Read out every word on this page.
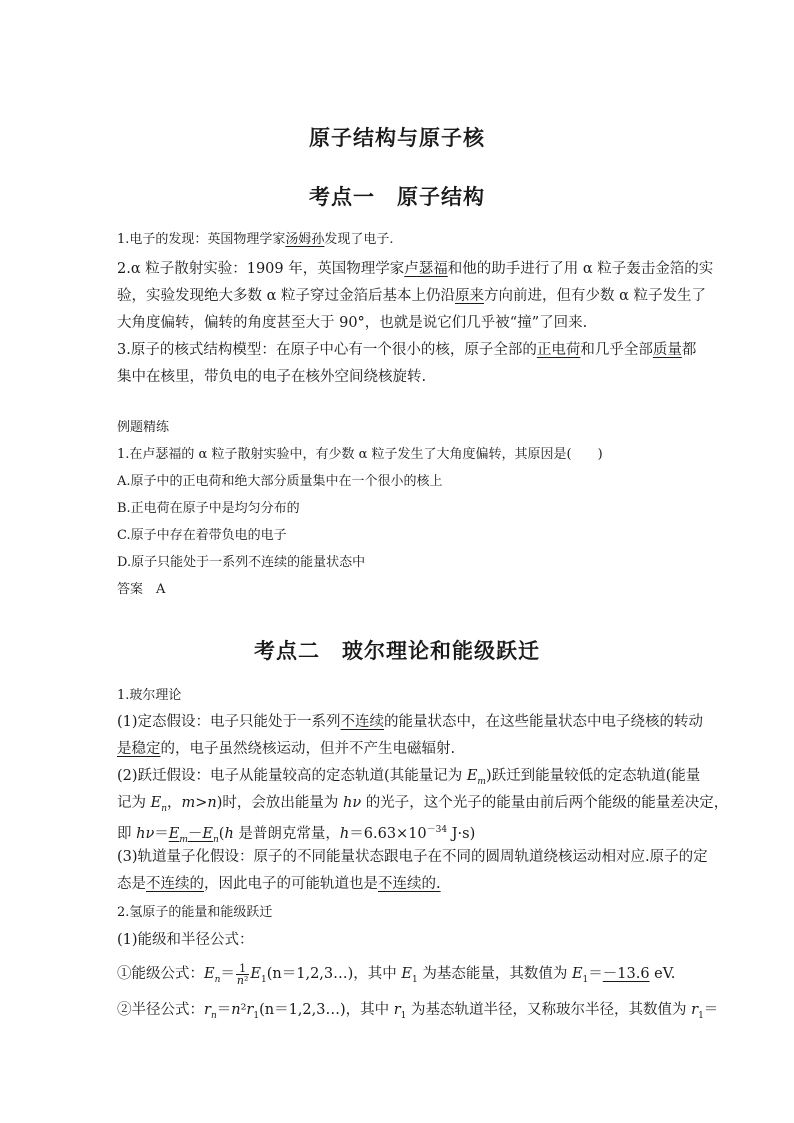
原子结构与原子核
考点一　原子结构
1.电子的发现：英国物理学家汤姆孙发现了电子.
2.α 粒子散射实验：1909 年，英国物理学家卢瑟福和他的助手进行了用 α 粒子轰击金箔的实
验，实验发现绝大多数 α 粒子穿过金箔后基本上仍沿原来方向前进，但有少数 α 粒子发生了
大角度偏转，偏转的角度甚至大于 90°，也就是说它们几乎被“撞”了回来.
3.原子的核式结构模型：在原子中心有一个很小的核，原子全部的正电荷和几乎全部质量都
集中在核里，带负电的电子在核外空间绕核旋转.
例题精练
1.在卢瑟福的 α 粒子散射实验中，有少数 α 粒子发生了大角度偏转，其原因是(　　)
A.原子中的正电荷和绝大部分质量集中在一个很小的核上
B.正电荷在原子中是均匀分布的
C.原子中存在着带负电的电子
D.原子只能处于一系列不连续的能量状态中
答案　A
考点二　玻尔理论和能级跃迁
1.玻尔理论
(1)定态假设：电子只能处于一系列不连续的能量状态中，在这些能量状态中电子绕核的转动
是稳定的，电子虽然绕核运动，但并不产生电磁辐射.
(2)跃迁假设：电子从能量较高的定态轨道(其能量记为 $E_m$)跃迁到能量较低的定态轨道(能量
记为 $E_n$，m>n)时，会放出能量为 hν 的光子，这个光子的能量由前后两个能级的能量差决定，
即 $h\nu=E_m-E_n(h$ 是普朗克常量，$h=6.63\times 10^{-34}$ J·s)
(3)轨道量子化假设：原子的不同能量状态跟电子在不同的圆周轨道绕核运动相对应.原子的定
态是不连续的，因此电子的可能轨道也是不连续的.
2.氢原子的能量和能级跃迁
(1)能级和半径公式：
①能级公式：$E_n= \frac{1}{\text{n²}}$ $E_1(n=1,2,3\dots)$，其中 $E_1$ 为基态能量，其数值为 $E_1=-13.6$ eV.
②半径公式：$r_n=n^2r_1(n=1,2,3\dots)$，其中 $r_1$ 为基态轨道半径，又称玻尔半径，其数值为 $r_1=$
